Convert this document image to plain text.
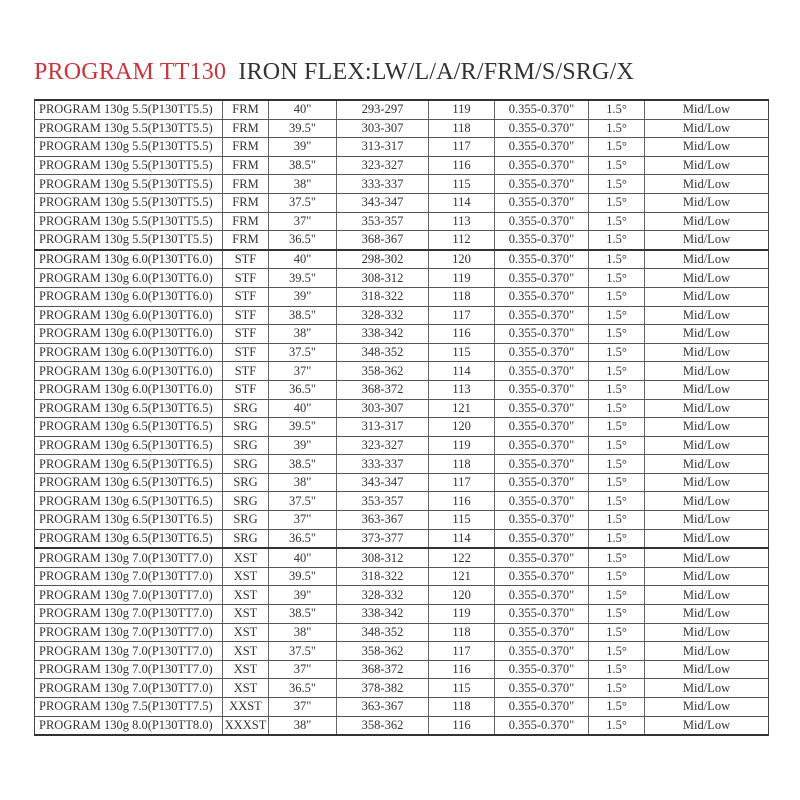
PROGRAM TT130 IRON FLEX:LW/L/A/R/FRM/S/SRG/X
PROGRAM 130g 5.5(P130TT5.5)	FRM	40"	293-297	119	0.355-0.370"	1.5°	Mid/Low
PROGRAM 130g 5.5(P130TT5.5)	FRM	39.5"	303-307	118	0.355-0.370"	1.5°	Mid/Low
PROGRAM 130g 5.5(P130TT5.5)	FRM	39"	313-317	117	0.355-0.370"	1.5°	Mid/Low
PROGRAM 130g 5.5(P130TT5.5)	FRM	38.5"	323-327	116	0.355-0.370"	1.5°	Mid/Low
PROGRAM 130g 5.5(P130TT5.5)	FRM	38"	333-337	115	0.355-0.370"	1.5°	Mid/Low
PROGRAM 130g 5.5(P130TT5.5)	FRM	37.5"	343-347	114	0.355-0.370"	1.5°	Mid/Low
PROGRAM 130g 5.5(P130TT5.5)	FRM	37"	353-357	113	0.355-0.370"	1.5°	Mid/Low
PROGRAM 130g 5.5(P130TT5.5)	FRM	36.5"	368-367	112	0.355-0.370"	1.5°	Mid/Low
PROGRAM 130g 6.0(P130TT6.0)	STF	40"	298-302	120	0.355-0.370"	1.5°	Mid/Low
PROGRAM 130g 6.0(P130TT6.0)	STF	39.5"	308-312	119	0.355-0.370"	1.5°	Mid/Low
PROGRAM 130g 6.0(P130TT6.0)	STF	39"	318-322	118	0.355-0.370"	1.5°	Mid/Low
PROGRAM 130g 6.0(P130TT6.0)	STF	38.5"	328-332	117	0.355-0.370"	1.5°	Mid/Low
PROGRAM 130g 6.0(P130TT6.0)	STF	38"	338-342	116	0.355-0.370"	1.5°	Mid/Low
PROGRAM 130g 6.0(P130TT6.0)	STF	37.5"	348-352	115	0.355-0.370"	1.5°	Mid/Low
PROGRAM 130g 6.0(P130TT6.0)	STF	37"	358-362	114	0.355-0.370"	1.5°	Mid/Low
PROGRAM 130g 6.0(P130TT6.0)	STF	36.5"	368-372	113	0.355-0.370"	1.5°	Mid/Low
PROGRAM 130g 6.5(P130TT6.5)	SRG	40"	303-307	121	0.355-0.370"	1.5°	Mid/Low
PROGRAM 130g 6.5(P130TT6.5)	SRG	39.5"	313-317	120	0.355-0.370"	1.5°	Mid/Low
PROGRAM 130g 6.5(P130TT6.5)	SRG	39"	323-327	119	0.355-0.370"	1.5°	Mid/Low
PROGRAM 130g 6.5(P130TT6.5)	SRG	38.5"	333-337	118	0.355-0.370"	1.5°	Mid/Low
PROGRAM 130g 6.5(P130TT6.5)	SRG	38"	343-347	117	0.355-0.370"	1.5°	Mid/Low
PROGRAM 130g 6.5(P130TT6.5)	SRG	37.5"	353-357	116	0.355-0.370"	1.5°	Mid/Low
PROGRAM 130g 6.5(P130TT6.5)	SRG	37"	363-367	115	0.355-0.370"	1.5°	Mid/Low
PROGRAM 130g 6.5(P130TT6.5)	SRG	36.5"	373-377	114	0.355-0.370"	1.5°	Mid/Low
PROGRAM 130g 7.0(P130TT7.0)	XST	40"	308-312	122	0.355-0.370"	1.5°	Mid/Low
PROGRAM 130g 7.0(P130TT7.0)	XST	39.5"	318-322	121	0.355-0.370"	1.5°	Mid/Low
PROGRAM 130g 7.0(P130TT7.0)	XST	39"	328-332	120	0.355-0.370"	1.5°	Mid/Low
PROGRAM 130g 7.0(P130TT7.0)	XST	38.5"	338-342	119	0.355-0.370"	1.5°	Mid/Low
PROGRAM 130g 7.0(P130TT7.0)	XST	38"	348-352	118	0.355-0.370"	1.5°	Mid/Low
PROGRAM 130g 7.0(P130TT7.0)	XST	37.5"	358-362	117	0.355-0.370"	1.5°	Mid/Low
PROGRAM 130g 7.0(P130TT7.0)	XST	37"	368-372	116	0.355-0.370"	1.5°	Mid/Low
PROGRAM 130g 7.0(P130TT7.0)	XST	36.5"	378-382	115	0.355-0.370"	1.5°	Mid/Low
PROGRAM 130g 7.5(P130TT7.5)	XXST	37"	363-367	118	0.355-0.370"	1.5°	Mid/Low
PROGRAM 130g 8.0(P130TT8.0)	XXXST	38"	358-362	116	0.355-0.370"	1.5°	Mid/Low
